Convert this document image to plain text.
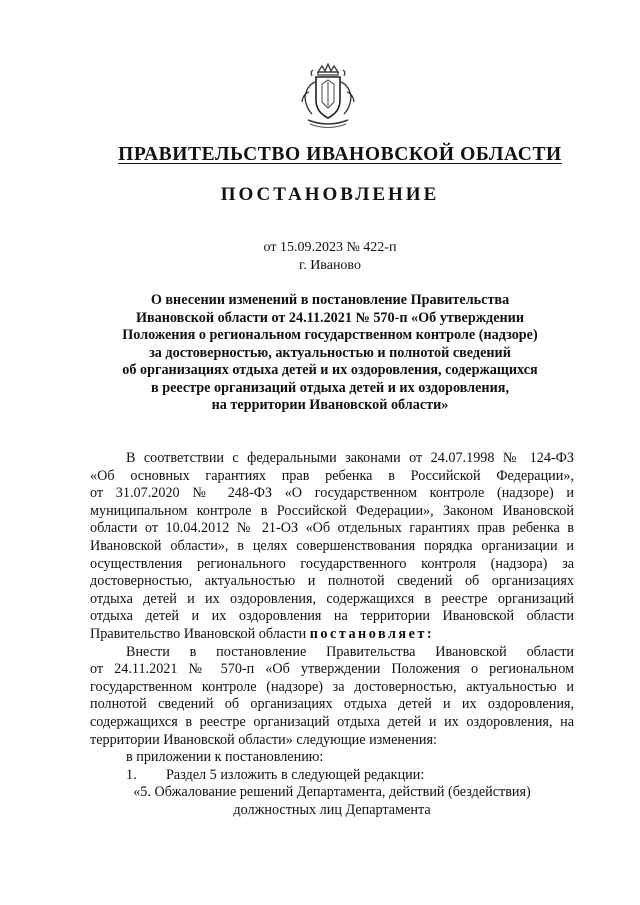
ПРАВИТЕЛЬСТВО ИВАНОВСКОЙ ОБЛАСТИ
ПОСТАНОВЛЕНИЕ
от 15.09.2023 № 422-п
г. Иваново
О внесении изменений в постановление Правительства
Ивановской области от 24.11.2021 № 570-п «Об утверждении
Положения о региональном государственном контроле (надзоре)
за достоверностью, актуальностью и полнотой сведений
об организациях отдыха детей и их оздоровления, содержащихся
в реестре организаций отдыха детей и их оздоровления,
на территории Ивановской области»
В соответствии с федеральными законами от 24.07.1998 № 124-ФЗ
«Об основных гарантиях прав ребенка в Российской Федерации»,
от 31.07.2020 № 248-ФЗ «О государственном контроле (надзоре) и
муниципальном контроле в Российской Федерации», Законом Ивановской
области от 10.04.2012 № 21-ОЗ «Об отдельных гарантиях прав ребенка в
Ивановской области», в целях совершенствования порядка организации и
осуществления регионального государственного контроля (надзора) за
достоверностью, актуальностью и полнотой сведений об организациях
отдыха детей и их оздоровления, содержащихся в реестре организаций
отдыха детей и их оздоровления на территории Ивановской области
Правительство Ивановской области постановляет:
Внести в постановление Правительства Ивановской области
от 24.11.2021 № 570-п «Об утверждении Положения о региональном
государственном контроле (надзоре) за достоверностью, актуальностью и
полнотой сведений об организациях отдыха детей и их оздоровления,
содержащихся в реестре организаций отдыха детей и их оздоровления, на
территории Ивановской области» следующие изменения:
в приложении к постановлению:
1. Раздел 5 изложить в следующей редакции:
«5. Обжалование решений Департамента, действий (бездействия)
должностных лиц Департамента
